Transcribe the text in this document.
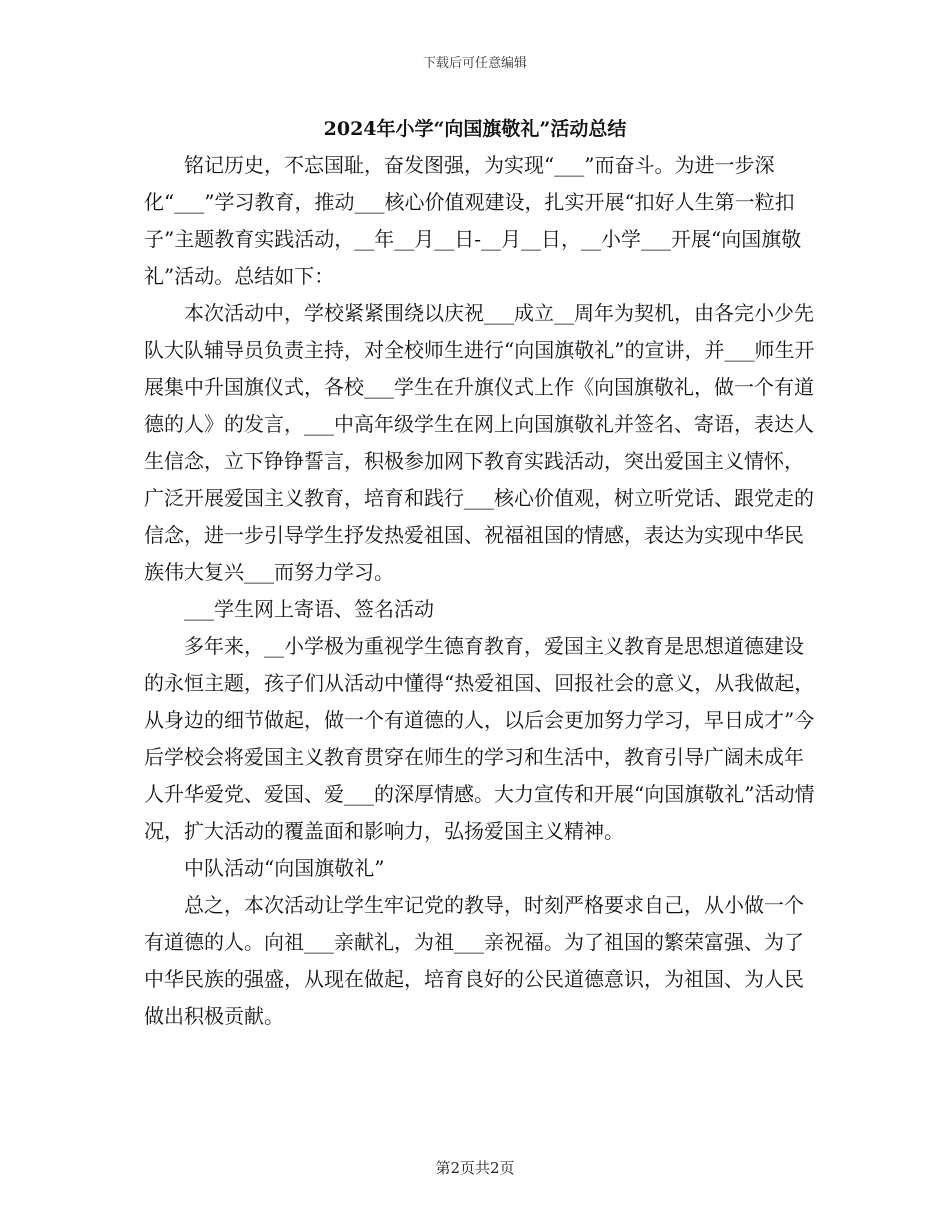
下载后可任意编辑
2024年小学“向国旗敬礼”活动总结

铭记历史，不忘国耻，奋发图强，为实现“___”而奋斗。为进一步深化“___”学习教育，推动___核心价值观建设，扎实开展“扣好人生第一粒扣子”主题教育实践活动，__年__月__日-__月__日，__小学___开展“向国旗敬礼”活动。总结如下：

本次活动中，学校紧紧围绕以庆祝___成立__周年为契机，由各完小少先队大队辅导员负责主持，对全校师生进行“向国旗敬礼”的宣讲，并___师生开展集中升国旗仪式，各校___学生在升旗仪式上作《向国旗敬礼，做一个有道德的人》的发言，___中高年级学生在网上向国旗敬礼并签名、寄语，表达人生信念，立下铮铮誓言，积极参加网下教育实践活动，突出爱国主义情怀，广泛开展爱国主义教育，培育和践行___核心价值观，树立听党话、跟党走的信念，进一步引导学生抒发热爱祖国、祝福祖国的情感，表达为实现中华民族伟大复兴___而努力学习。

___学生网上寄语、签名活动

多年来，__小学极为重视学生德育教育，爱国主义教育是思想道德建设的永恒主题，孩子们从活动中懂得“热爱祖国、回报社会的意义，从我做起，从身边的细节做起，做一个有道德的人，以后会更加努力学习，早日成才”今后学校会将爱国主义教育贯穿在师生的学习和生活中，教育引导广阔未成年人升华爱党、爱国、爱___的深厚情感。大力宣传和开展“向国旗敬礼”活动情况，扩大活动的覆盖面和影响力，弘扬爱国主义精神。

中队活动“向国旗敬礼”

总之，本次活动让学生牢记党的教导，时刻严格要求自己，从小做一个有道德的人。向祖___亲献礼，为祖___亲祝福。为了祖国的繁荣富强、为了中华民族的强盛，从现在做起，培育良好的公民道德意识，为祖国、为人民做出积极贡献。

第2页共2页
